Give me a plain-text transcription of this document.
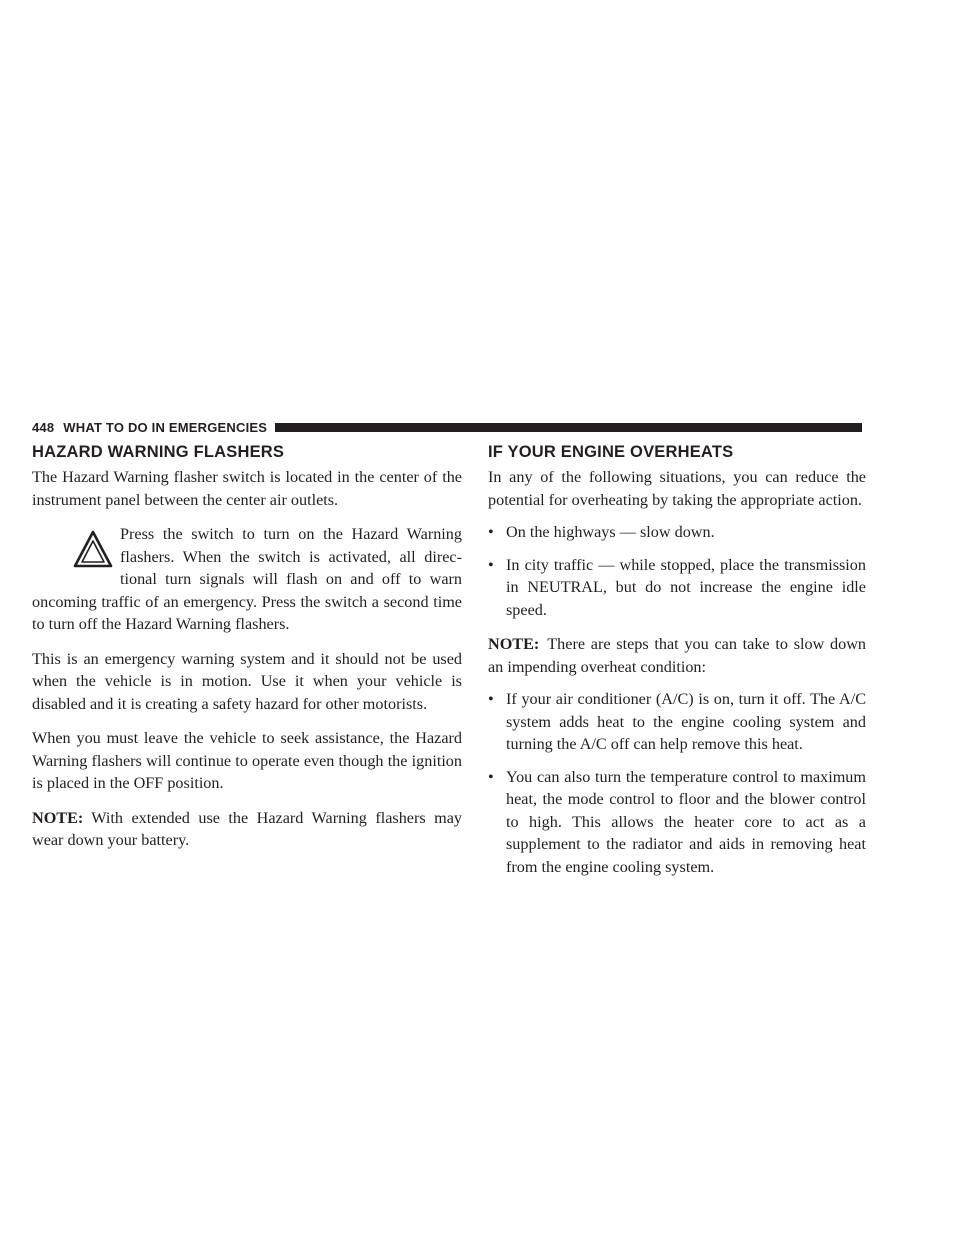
448 WHAT TO DO IN EMERGENCIES
HAZARD WARNING FLASHERS

The Hazard Warning flasher switch is located in the center of the instrument panel between the center air outlets.

Press the switch to turn on the Hazard Warning flashers. When the switch is activated, all direc- tional turn signals will flash on and off to warn oncoming traffic of an emergency. Press the switch a second time to turn off the Hazard Warning flashers.

This is an emergency warning system and it should not be used when the vehicle is in motion. Use it when your vehicle is disabled and it is creating a safety hazard for other motorists.

When you must leave the vehicle to seek assistance, the Hazard Warning flashers will continue to operate even though the ignition is placed in the OFF position.

NOTE: With extended use the Hazard Warning flashers may wear down your battery.

IF YOUR ENGINE OVERHEATS

In any of the following situations, you can reduce the potential for overheating by taking the appropriate action.

• On the highways — slow down.
• In city traffic — while stopped, place the transmission in NEUTRAL, but do not increase the engine idle speed.

NOTE: There are steps that you can take to slow down an impending overheat condition:

• If your air conditioner (A/C) is on, turn it off. The A/C system adds heat to the engine cooling system and turning the A/C off can help remove this heat.
• You can also turn the temperature control to maximum heat, the mode control to floor and the blower control to high. This allows the heater core to act as a supplement to the radiator and aids in removing heat from the engine cooling system.
